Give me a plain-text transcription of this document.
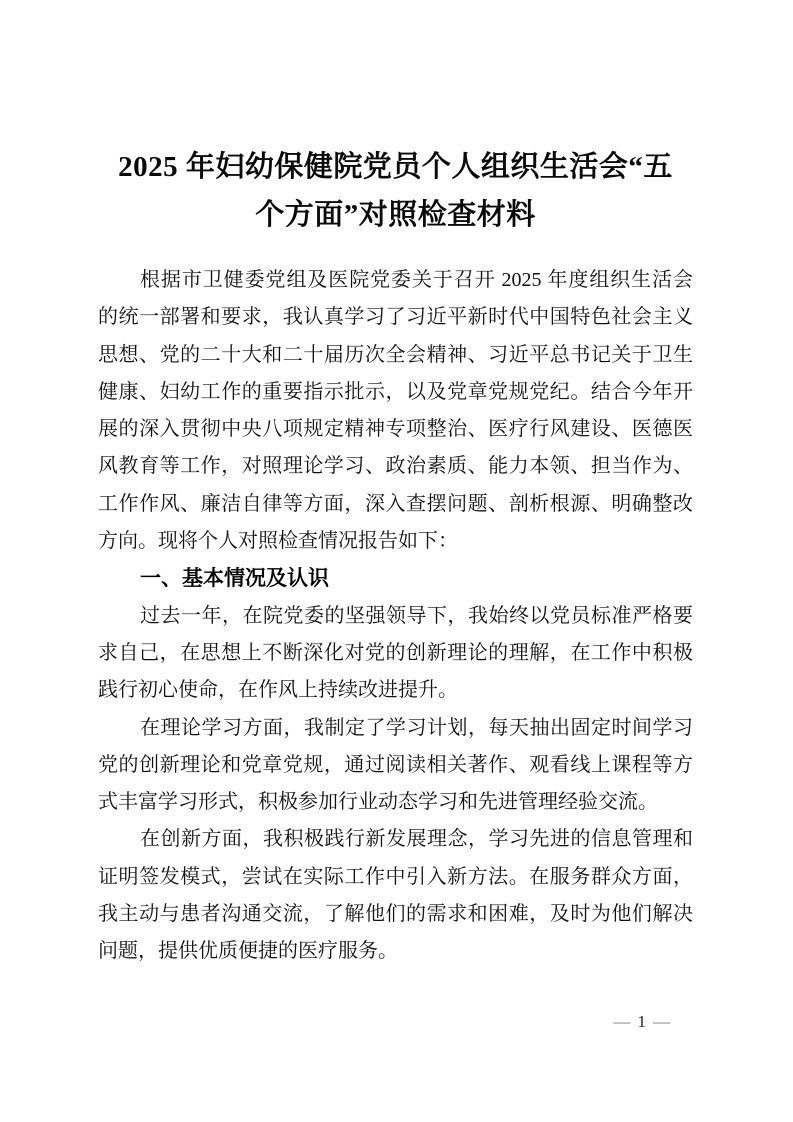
2025 年妇幼保健院党员个人组织生活会“五
个方面”对照检查材料
根据市卫健委党组及医院党委关于召开 2025 年度组织生活会
的统一部署和要求，我认真学习了习近平新时代中国特色社会主义
思想、党的二十大和二十届历次全会精神、习近平总书记关于卫生
健康、妇幼工作的重要指示批示，以及党章党规党纪。结合今年开
展的深入贯彻中央八项规定精神专项整治、医疗行风建设、医德医
风教育等工作，对照理论学习、政治素质、能力本领、担当作为、
工作作风、廉洁自律等方面，深入查摆问题、剖析根源、明确整改
方向。现将个人对照检查情况报告如下：
一、基本情况及认识
过去一年，在院党委的坚强领导下，我始终以党员标准严格要
求自己，在思想上不断深化对党的创新理论的理解，在工作中积极
践行初心使命，在作风上持续改进提升。
在理论学习方面，我制定了学习计划，每天抽出固定时间学习
党的创新理论和党章党规，通过阅读相关著作、观看线上课程等方
式丰富学习形式，积极参加行业动态学习和先进管理经验交流。
在创新方面，我积极践行新发展理念，学习先进的信息管理和
证明签发模式，尝试在实际工作中引入新方法。在服务群众方面，
我主动与患者沟通交流，了解他们的需求和困难，及时为他们解决
问题，提供优质便捷的医疗服务。
— 1 —
